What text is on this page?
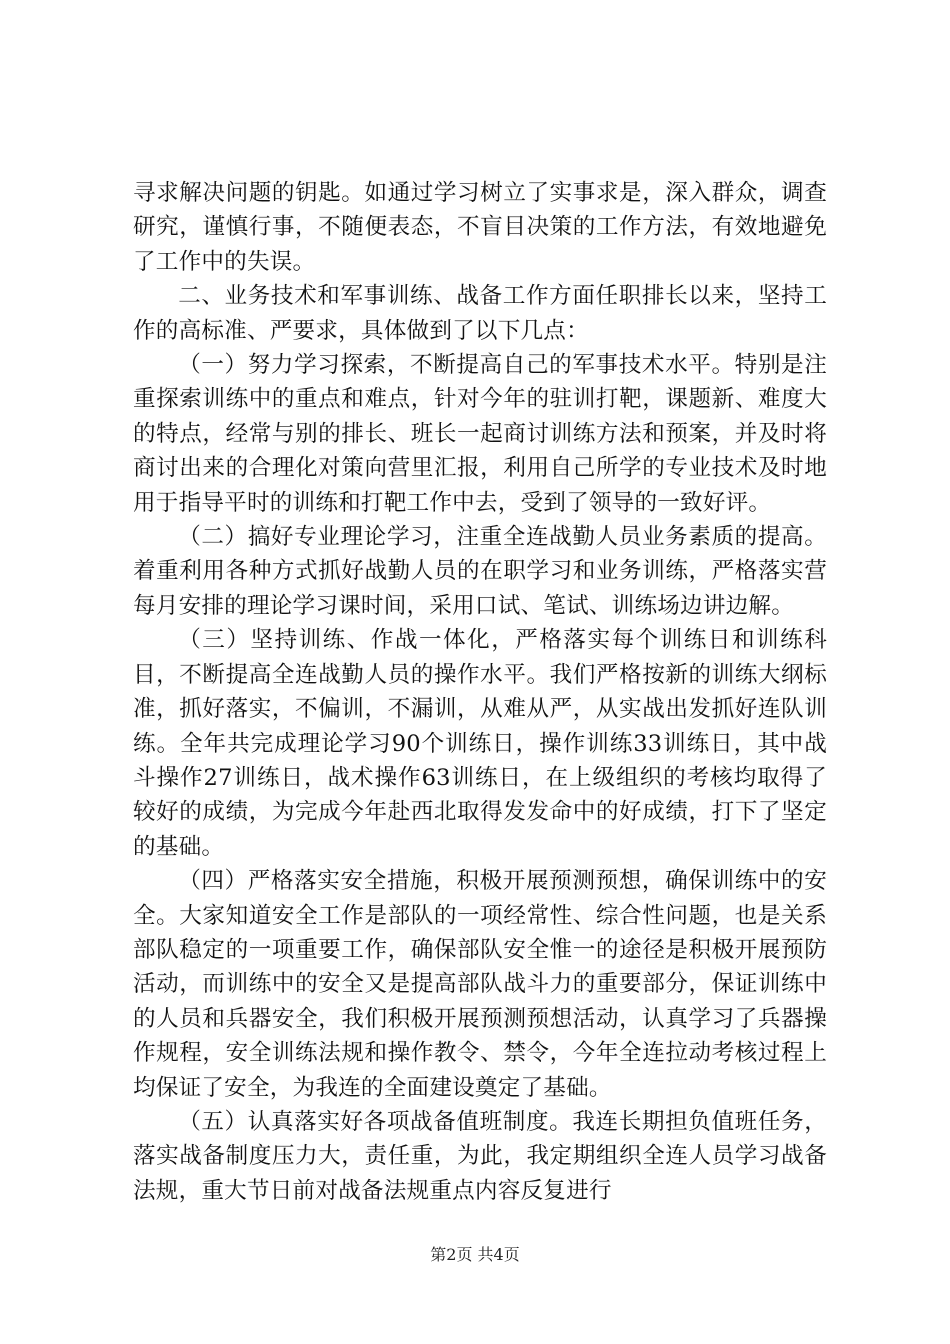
寻求解决问题的钥匙。如通过学习树立了实事求是，深入群众，调查研究，谨慎行事，不随便表态，不盲目决策的工作方法，有效地避免了工作中的失误。

二、业务技术和军事训练、战备工作方面任职排长以来，坚持工作的高标准、严要求，具体做到了以下几点：

（一）努力学习探索，不断提高自己的军事技术水平。特别是注重探索训练中的重点和难点，针对今年的驻训打靶，课题新、难度大的特点，经常与别的排长、班长一起商讨训练方法和预案，并及时将商讨出来的合理化对策向营里汇报，利用自己所学的专业技术及时地用于指导平时的训练和打靶工作中去，受到了领导的一致好评。

（二）搞好专业理论学习，注重全连战勤人员业务素质的提高。着重利用各种方式抓好战勤人员的在职学习和业务训练，严格落实营每月安排的理论学习课时间，采用口试、笔试、训练场边讲边解。

（三）坚持训练、作战一体化，严格落实每个训练日和训练科目，不断提高全连战勤人员的操作水平。我们严格按新的训练大纲标准，抓好落实，不偏训，不漏训，从难从严，从实战出发抓好连队训练。全年共完成理论学习90个训练日，操作训练33训练日，其中战斗操作27训练日，战术操作63训练日，在上级组织的考核均取得了较好的成绩，为完成今年赴西北取得发发命中的好成绩，打下了坚定的基础。

（四）严格落实安全措施，积极开展预测预想，确保训练中的安全。大家知道安全工作是部队的一项经常性、综合性问题，也是关系部队稳定的一项重要工作，确保部队安全惟一的途径是积极开展预防活动，而训练中的安全又是提高部队战斗力的重要部分，保证训练中的人员和兵器安全，我们积极开展预测预想活动，认真学习了兵器操作规程，安全训练法规和操作教令、禁令，今年全连拉动考核过程上均保证了安全，为我连的全面建设奠定了基础。

（五）认真落实好各项战备值班制度。我连长期担负值班任务，落实战备制度压力大，责任重，为此，我定期组织全连人员学习战备法规，重大节日前对战备法规重点内容反复进行

第2页 共4页
